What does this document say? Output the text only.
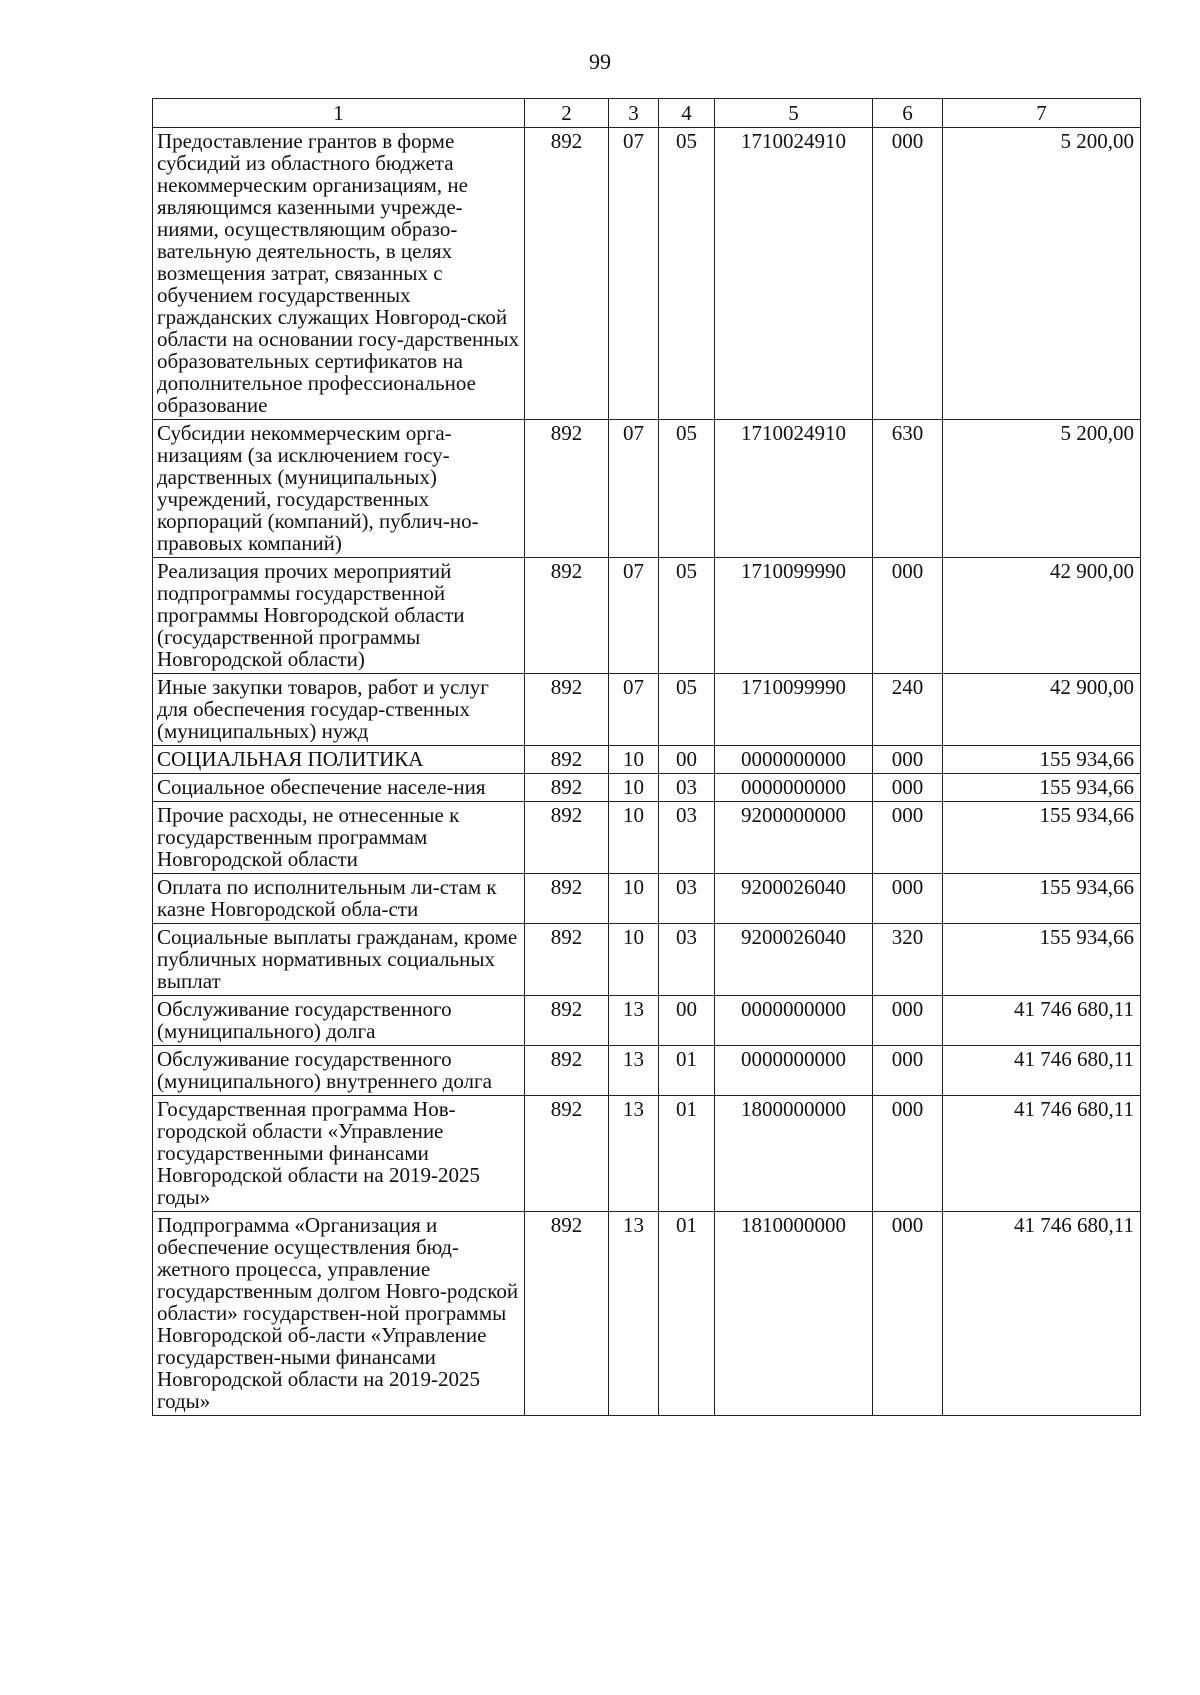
99
1	2	3	4	5	6	7
Предоставление грантов в форме субсидий из областного бюджета некоммерческим организациям, не являющимся казенными учрежде-ниями, осуществляющим образо-вательную деятельность, в целях возмещения затрат, связанных с обучением государственных гражданских служащих Новгород-ской области на основании госу-дарственных образовательных сертификатов на дополнительное профессиональное образование	892	07	05	1710024910	000	5 200,00
Субсидии некоммерческим орга-низациям (за исключением госу-дарственных (муниципальных) учреждений, государственных корпораций (компаний), публич-но-правовых компаний)	892	07	05	1710024910	630	5 200,00
Реализация прочих мероприятий подпрограммы государственной программы Новгородской области (государственной программы Новгородской области)	892	07	05	1710099990	000	42 900,00
Иные закупки товаров, работ и услуг для обеспечения государ-ственных (муниципальных) нужд	892	07	05	1710099990	240	42 900,00
СОЦИАЛЬНАЯ ПОЛИТИКА	892	10	00	0000000000	000	155 934,66
Социальное обеспечение населе-ния	892	10	03	0000000000	000	155 934,66
Прочие расходы, не отнесенные к государственным программам Новгородской области	892	10	03	9200000000	000	155 934,66
Оплата по исполнительным ли-стам к казне Новгородской обла-сти	892	10	03	9200026040	000	155 934,66
Социальные выплаты гражданам, кроме публичных нормативных социальных выплат	892	10	03	9200026040	320	155 934,66
Обслуживание государственного (муниципального) долга	892	13	00	0000000000	000	41 746 680,11
Обслуживание государственного (муниципального) внутреннего долга	892	13	01	0000000000	000	41 746 680,11
Государственная программа Нов-городской области «Управление государственными финансами Новгородской области на 2019-2025 годы»	892	13	01	1800000000	000	41 746 680,11
Подпрограмма «Организация и обеспечение осуществления бюд-жетного процесса, управление государственным долгом Новго-родской области» государствен-ной программы Новгородской об-ласти «Управление государствен-ными финансами Новгородской области на 2019-2025 годы»	892	13	01	1810000000	000	41 746 680,11
